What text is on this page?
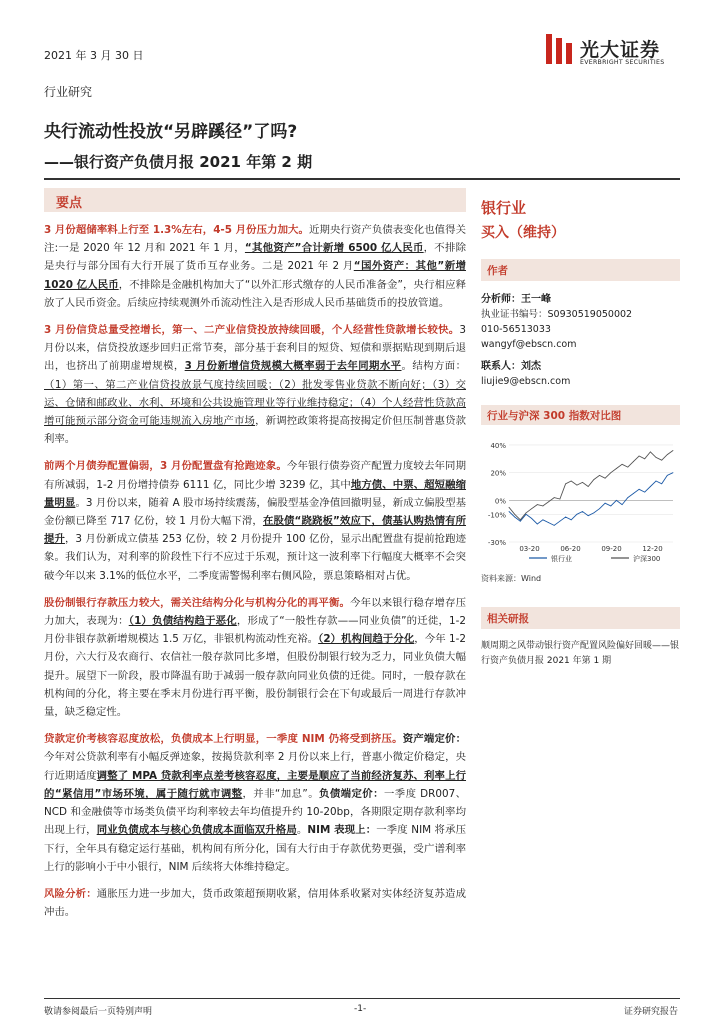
2021 年 3 月 30 日	光大证券
EVERBRIGHT SECURITIES
行业研究
央行流动性投放“另辟蹊径”了吗?
——银行资产负债月报 2021 年第 2 期
要点

3 月份超储率料上行至 1.3%左右，4-5 月份压力加大。近期央行资产负债表变化也值得关注:一是 2020 年 12 月和 2021 年 1 月，“其他资产”合计新增 6500 亿人民币，不排除是央行与部分国有大行开展了货币互存业务。二是 2021 年 2 月“国外资产：其他”新增 1020 亿人民币，不排除是金融机构加大了“以外汇形式缴存的人民币准备金”，央行相应释放了人民币资金。后续应持续观测外币流动性注入是否形成人民币基础货币的投放管道。

3 月份信贷总量受控增长，第一、二产业信贷投放持续回暖，个人经营性贷款增长较快。3 月份以来，信贷投放逐步回归正常节奏，部分基于套利目的短贷、短债和票据贴现到期后退出，也挤出了前期虚增规模，3 月份新增信贷规模大概率弱于去年同期水平。结构方面：（1）第一、第二产业信贷投放景气度持续回暖；（2）批发零售业贷款不断向好；（3）交运、仓储和邮政业、水利、环境和公共设施管理业等行业维持稳定；（4）个人经营性贷款高增可能预示部分资金可能违规流入房地产市场，新调控政策将提高按揭定价但压制普惠贷款利率。

前两个月债券配置偏弱，3 月份配置盘有抢跑迹象。今年银行债券资产配置力度较去年同期有所减弱，1-2 月份增持债券 6111 亿，同比少增 3239 亿，其中地方债、中票、超短融缩量明显。3 月份以来，随着 A 股市场持续震荡，偏股型基金净值回撤明显，新成立偏股型基金份额已降至 717 亿份，较 1 月份大幅下滑，在股债“跷跷板”效应下，债基认购热情有所提升，3 月份新成立债基 253 亿份，较 2 月份提升 100 亿份，显示出配置盘有提前抢跑迹象。我们认为，对利率的阶段性下行不应过于乐观，预计这一波利率下行幅度大概率不会突破今年以来 3.1%的低位水平，二季度需警惕利率右侧风险，票息策略相对占优。

股份制银行存款压力较大，需关注结构分化与机构分化的再平衡。今年以来银行稳存增存压力加大，表现为：（1）负债结构趋于恶化，形成了“一般性存款——同业负债”的迁徙，1-2 月份非银存款新增规模达 1.5 万亿，非银机构流动性充裕。（2）机构间趋于分化，今年 1-2 月份，六大行及农商行、农信社一般存款同比多增，但股份制银行较为乏力，同业负债大幅提升。展望下一阶段，股市降温有助于减弱一般存款向同业负债的迁徙。同时，一般存款在机构间的分化，将主要在季末月份进行再平衡，股份制银行会在下旬或最后一周进行存款冲量，缺乏稳定性。

贷款定价考核容忍度放松，负债成本上行明显，一季度 NIM 仍将受到挤压。资产端定价：今年对公贷款利率有小幅反弹迹象，按揭贷款利率 2 月份以来上行，普惠小微定价稳定，央行近期适度调整了 MPA 贷款利率点差考核容忍度，主要是顺应了当前经济复苏、利率上行的“紧信用”市场环境，属于随行就市调整，并非“加息”。负债端定价：一季度 DR007、NCD 和金融债等市场类负债平均利率较去年均值提升约 10-20bp，各期限定期存款利率均出现上行，同业负债成本与核心负债成本面临双升格局。NIM 表现上：一季度 NIM 将承压下行，全年具有稳定运行基础，机构间有所分化，国有大行由于存款优势更强，受广谱利率上行的影响小于中小银行，NIM 后续将大体维持稳定。

风险分析：通胀压力进一步加大，货币政策超预期收紧，信用体系收紧对实体经济复苏造成冲击。

银行业
买入（维持）
作者
分析师：王一峰
执业证书编号：S0930519050002
010-56513033
wangyf@ebscn.com
联系人：刘杰
liujie9@ebscn.com
行业与沪深 300 指数对比图
40%
20%
0%
-10%
-30%
03-20	06-20	09-20	12-20
银行业	沪深300
资料来源：Wind
相关研报
顺周期之风带动银行资产配置风险偏好回暖——银行资产负债月报 2021 年第 1 期
敬请参阅最后一页特别声明	-1-	证券研究报告
